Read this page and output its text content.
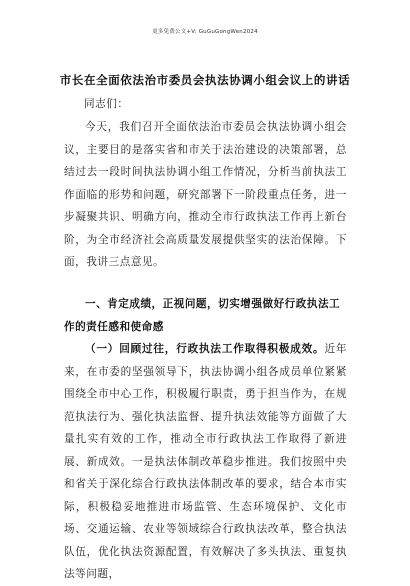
更多免费公文+V: GuGuGongWen2024
市长在全面依法治市委员会执法协调小组会议上的讲话
同志们：
今天，我们召开全面依法治市委员会执法协调小组会议，主要目的是落实省和市关于法治建设的决策部署，总结过去一段时间执法协调小组工作情况，分析当前执法工作面临的形势和问题，研究部署下一阶段重点任务，进一步凝聚共识、明确方向，推动全市行政执法工作再上新台阶，为全市经济社会高质量发展提供坚实的法治保障。下面，我讲三点意见。
一、肯定成绩，正视问题，切实增强做好行政执法工作的责任感和使命感
（一）回顾过往，行政执法工作取得积极成效。近年来，在市委的坚强领导下，执法协调小组各成员单位紧紧围绕全市中心工作，积极履行职责，勇于担当作为，在规范执法行为、强化执法监督、提升执法效能等方面做了大量扎实有效的工作，推动全市行政执法工作取得了新进展、新成效。一是执法体制改革稳步推进。我们按照中央和省关于深化综合行政执法体制改革的要求，结合本市实际，积极稳妥地推进市场监管、生态环境保护、文化市场、交通运输、农业等领域综合行政执法改革，整合执法队伍，优化执法资源配置，有效解决了多头执法、重复执法等问题，
